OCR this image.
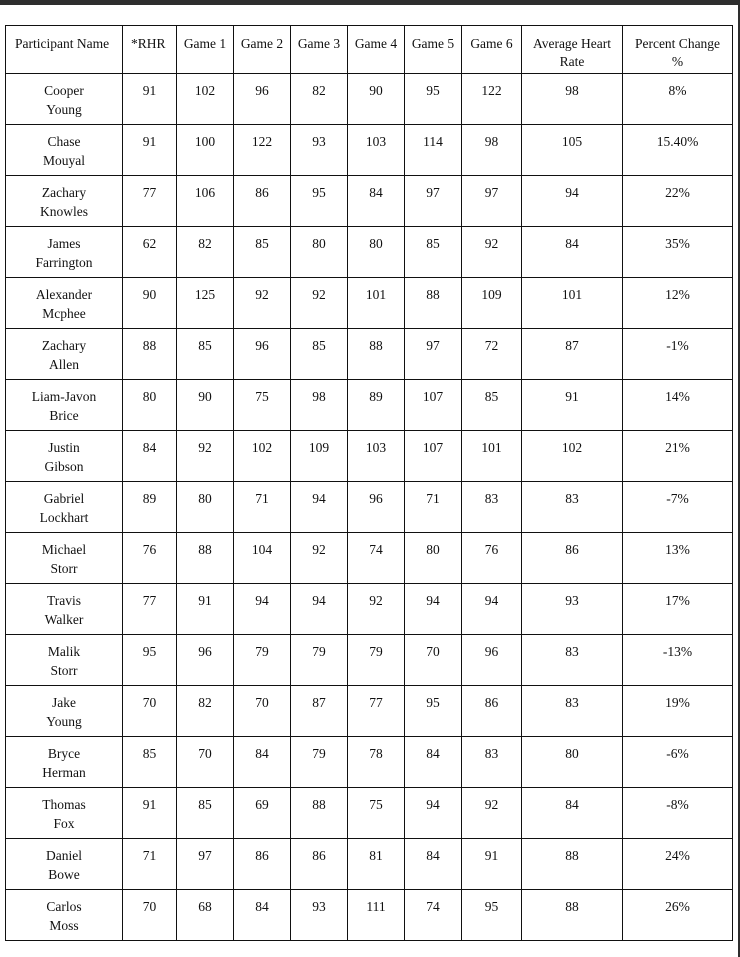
Participant Name	*RHR	Game 1	Game 2	Game 3	Game 4	Game 5	Game 6	Average Heart Rate	Percent Change %

Cooper
Young	91	102	96	82	90	95	122	98	8%

Chase
Mouyal	91	100	122	93	103	114	98	105	15.40%

Zachary
Knowles	77	106	86	95	84	97	97	94	22%

James
Farrington	62	82	85	80	80	85	92	84	35%

Alexander
Mcphee	90	125	92	92	101	88	109	101	12%

Zachary
Allen	88	85	96	85	88	97	72	87	-1%

Liam-Javon
Brice	80	90	75	98	89	107	85	91	14%

Justin
Gibson	84	92	102	109	103	107	101	102	21%

Gabriel
Lockhart	89	80	71	94	96	71	83	83	-7%

Michael
Storr	76	88	104	92	74	80	76	86	13%

Travis
Walker	77	91	94	94	92	94	94	93	17%

Malik
Storr	95	96	79	79	79	70	96	83	-13%

Jake
Young	70	82	70	87	77	95	86	83	19%

Bryce
Herman	85	70	84	79	78	84	83	80	-6%

Thomas
Fox	91	85	69	88	75	94	92	84	-8%

Daniel
Bowe	71	97	86	86	81	84	91	88	24%

Carlos
Moss	70	68	84	93	111	74	95	88	26%
